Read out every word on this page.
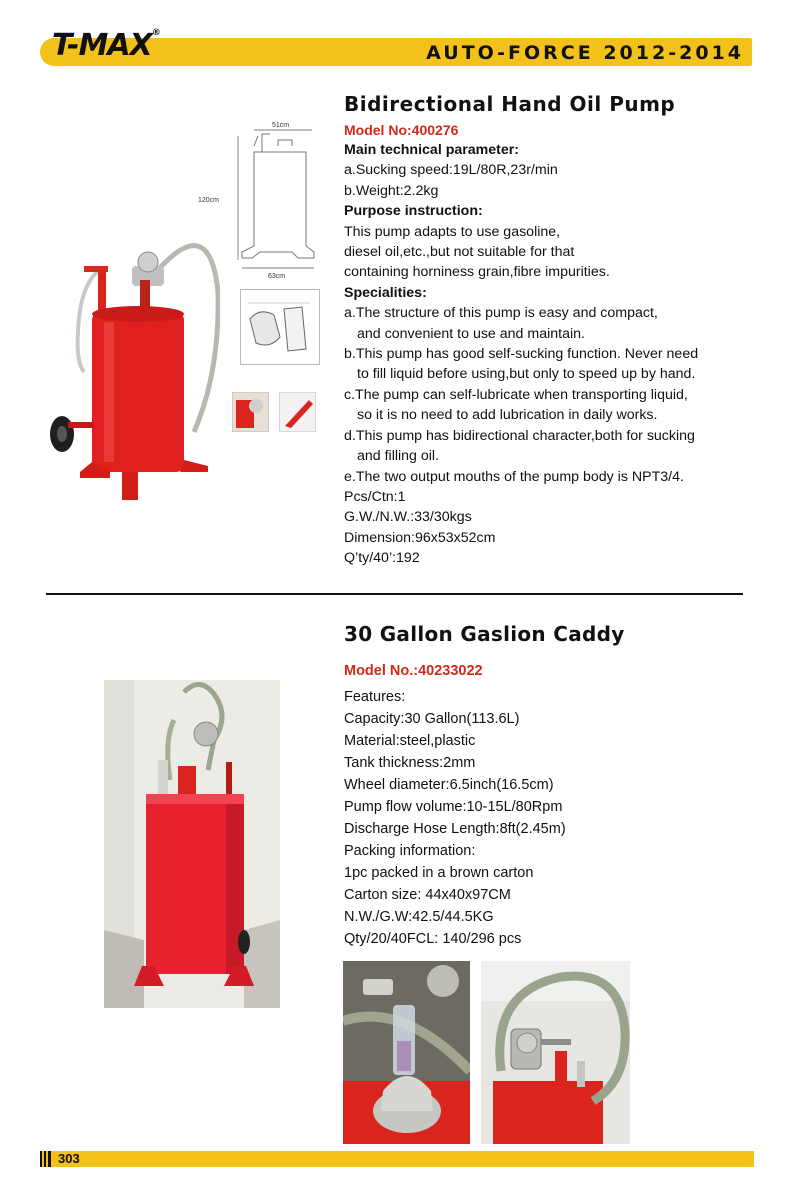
T-MAX®
AUTO-FORCE 2012-2014
Bidirectional Hand Oil Pump
Model No:400276
Main technical parameter:
a.Sucking speed:19L/80R,23r/min
b.Weight:2.2kg
Purpose instruction:
This pump adapts to use gasoline,
diesel oil,etc.,but not suitable for that
containing horniness grain,fibre impurities.
Specialities:
a.The structure of this pump is easy and compact,
and convenient to use and maintain.
b.This pump has good self-sucking function. Never need
to fill liquid before using,but only to speed up by hand.
c.The pump can self-lubricate when transporting liquid,
so it is no need to add lubrication in daily works.
d.This pump has bidirectional character,both for sucking
and filling oil.
e.The two output mouths of the pump body is NPT3/4.
Pcs/Ctn:1
G.W./N.W.:33/30kgs
Dimension:96x53x52cm
Q’ty/40’:192
51cm
120cm
63cm
30 Gallon Gaslion Caddy
Model No.:40233022
Features:
Capacity:30 Gallon(113.6L)
Material:steel,plastic
Tank thickness:2mm
Wheel diameter:6.5inch(16.5cm)
Pump flow volume:10-15L/80Rpm
Discharge Hose Length:8ft(2.45m)
Packing information:
1pc packed in a brown carton
Carton size: 44x40x97CM
N.W./G.W:42.5/44.5KG
Qty/20/40FCL: 140/296 pcs
303
